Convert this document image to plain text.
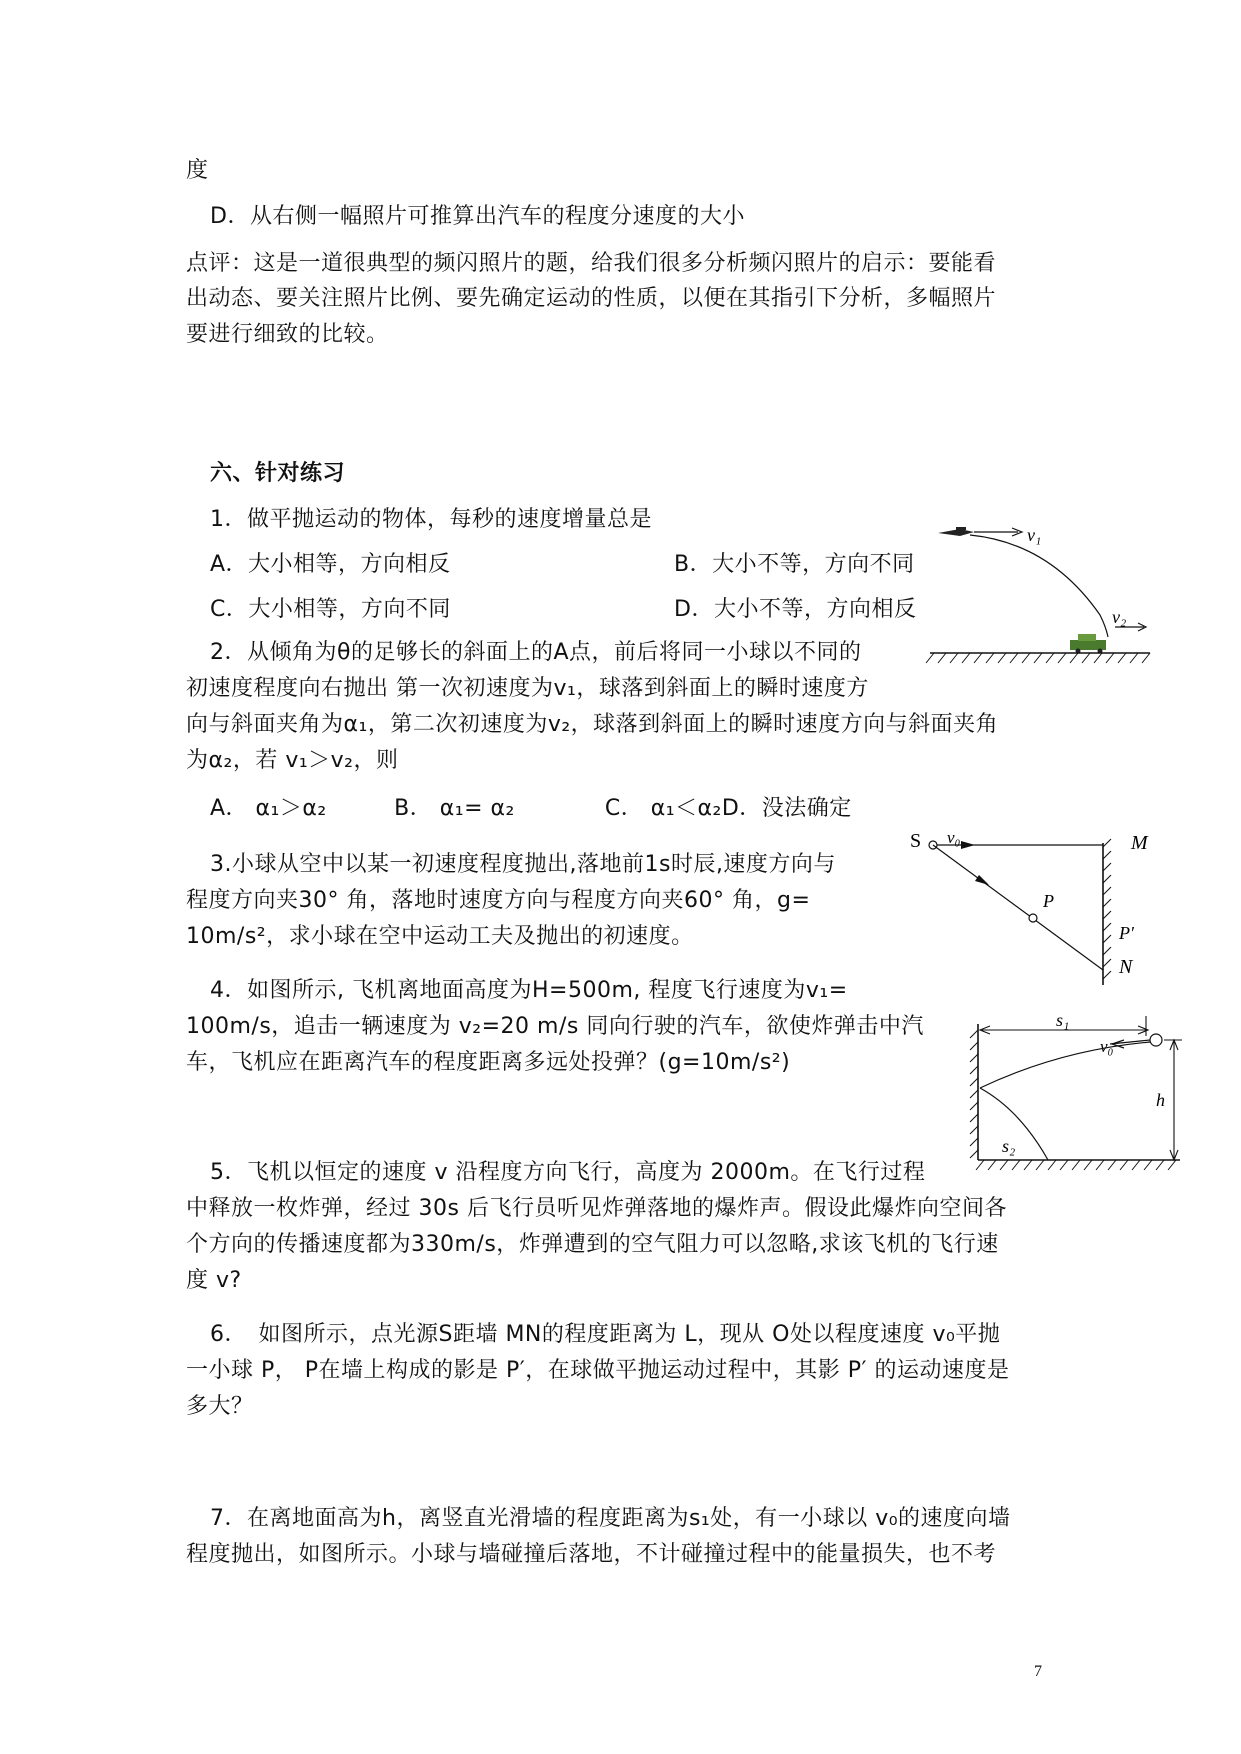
度
D．从右侧一幅照片可推算出汽车的程度分速度的大小
点评：这是一道很典型的频闪照片的题，给我们很多分析频闪照片的启示：要能看
出动态、要关注照片比例、要先确定运动的性质，以便在其指引下分析，多幅照片
要进行细致的比较。
六、针对练习
1．做平抛运动的物体，每秒的速度增量总是
A．大小相等，方向相反	B．大小不等，方向不同
C．大小相等，方向不同	D．大小不等，方向相反
2．从倾角为θ的足够长的斜面上的A点，前后将同一小球以不同的
初速度程度向右抛出 第一次初速度为v₁，球落到斜面上的瞬时速度方
向与斜面夹角为α₁，第二次初速度为v₂，球落到斜面上的瞬时速度方向与斜面夹角
为α₂，若 v₁＞v₂，则
A． α₁＞α₂　　　B． α₁= α₂　　　　C． α₁＜α₂D．没法确定
3.小球从空中以某一初速度程度抛出,落地前1s时辰,速度方向与
程度方向夹30° 角，落地时速度方向与程度方向夹60° 角，g=
10m/s²，求小球在空中运动工夫及抛出的初速度。
4．如图所示, 飞机离地面高度为H=500m, 程度飞行速度为v₁=
100m/s，追击一辆速度为 v₂=20 m/s 同向行驶的汽车，欲使炸弹击中汽
车，飞机应在距离汽车的程度距离多远处投弹？(g=10m/s²)
5．飞机以恒定的速度 v 沿程度方向飞行，高度为 2000m。在飞行过程
中释放一枚炸弹，经过 30s 后飞行员听见炸弹落地的爆炸声。假设此爆炸向空间各
个方向的传播速度都为330m/s，炸弹遭到的空气阻力可以忽略,求该飞机的飞行速
度 v?
6．　如图所示，点光源S距墙 MN的程度距离为 L，现从 O处以程度速度 v₀平抛
一小球 P， P在墙上构成的影是 P′，在球做平抛运动过程中，其影 P′ 的运动速度是
多大？
7．在离地面高为h，离竖直光滑墙的程度距离为s₁处，有一小球以 v₀的速度向墙
程度抛出，如图所示。小球与墙碰撞后落地，不计碰撞过程中的能量损失，也不考
7
v₁
v₂
S v₀
P
M
P′
N
s₁
v₀
s₂
h
